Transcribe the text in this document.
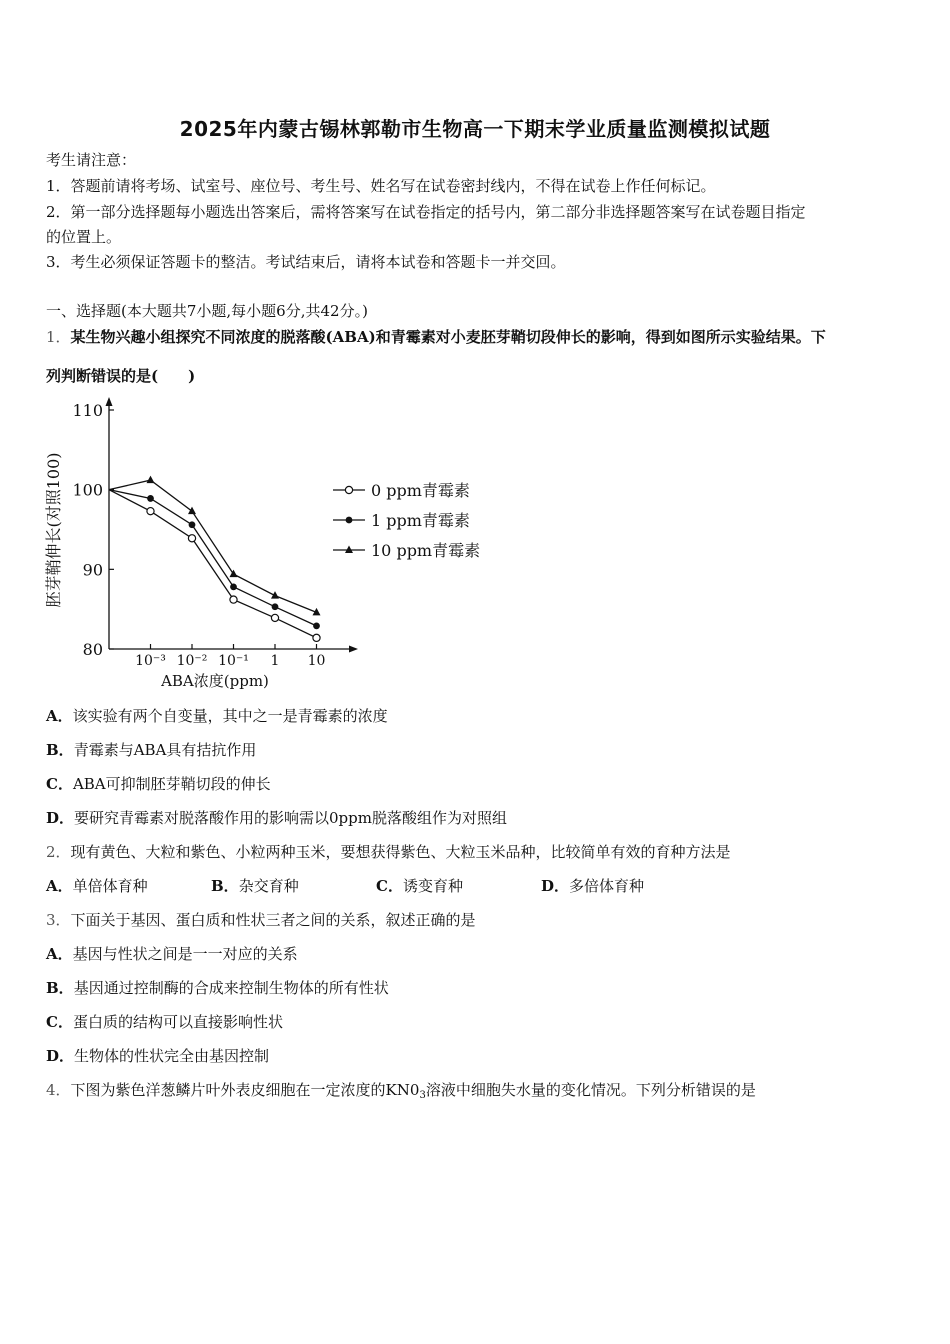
2025年内蒙古锡林郭勒市生物高一下期末学业质量监测模拟试题
考生请注意：
1．答题前请将考场、试室号、座位号、考生号、姓名写在试卷密封线内，不得在试卷上作任何标记。
2．第一部分选择题每小题选出答案后，需将答案写在试卷指定的括号内，第二部分非选择题答案写在试卷题目指定
的位置上。
3．考生必须保证答题卡的整洁。考试结束后，请将本试卷和答题卡一并交回。
一、选择题(本大题共7小题,每小题6分,共42分。)
1．某生物兴趣小组探究不同浓度的脱落酸(ABA)和青霉素对小麦胚芽鞘切段伸长的影响，得到如图所示实验结果。下
列判断错误的是(　　)
110
100
90
80
10⁻³ 10⁻² 10⁻¹ 1 10
胚芽鞘伸长(对照100)
ABA浓度(ppm)
0 ppm青霉素
1 ppm青霉素
10 ppm青霉素
A．该实验有两个自变量，其中之一是青霉素的浓度
B．青霉素与ABA具有拮抗作用
C．ABA可抑制胚芽鞘切段的伸长
D．要研究青霉素对脱落酸作用的影响需以0ppm脱落酸组作为对照组
2．现有黄色、大粒和紫色、小粒两种玉米，要想获得紫色、大粒玉米品种，比较简单有效的育种方法是
A．单倍体育种	B．杂交育种	C．诱变育种	D．多倍体育种
3．下面关于基因、蛋白质和性状三者之间的关系，叙述正确的是
A．基因与性状之间是一一对应的关系
B．基因通过控制酶的合成来控制生物体的所有性状
C．蛋白质的结构可以直接影响性状
D．生物体的性状完全由基因控制
4．下图为紫色洋葱鳞片叶外表皮细胞在一定浓度的$KN0_3$溶液中细胞失水量的变化情况。下列分析错误的是
